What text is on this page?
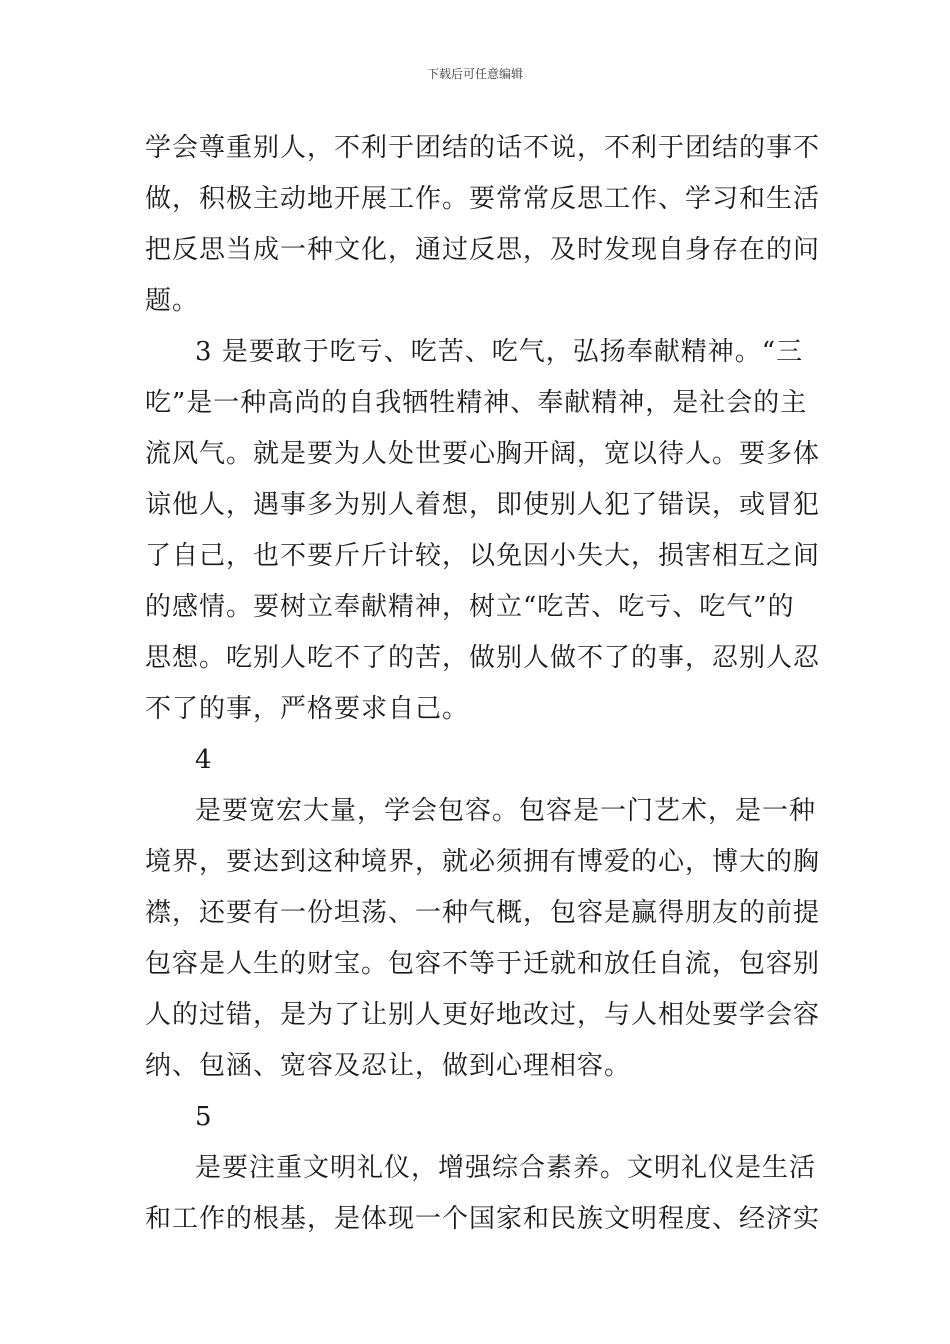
下载后可任意编辑
学会尊重别人，不利于团结的话不说，不利于团结的事不
做，积极主动地开展工作。要常常反思工作、学习和生活
把反思当成一种文化，通过反思，及时发现自身存在的问
题。
3 是要敢于吃亏、吃苦、吃气，弘扬奉献精神。“三
吃”是一种高尚的自我牺牲精神、奉献精神，是社会的主
流风气。就是要为人处世要心胸开阔，宽以待人。要多体
谅他人，遇事多为别人着想，即使别人犯了错误，或冒犯
了自己，也不要斤斤计较，以免因小失大，损害相互之间
的感情。要树立奉献精神，树立“吃苦、吃亏、吃气”的
思想。吃别人吃不了的苦，做别人做不了的事，忍别人忍
不了的事，严格要求自己。
4
是要宽宏大量，学会包容。包容是一门艺术，是一种
境界，要达到这种境界，就必须拥有博爱的心，博大的胸
襟，还要有一份坦荡、一种气概，包容是赢得朋友的前提
包容是人生的财宝。包容不等于迁就和放任自流，包容别
人的过错，是为了让别人更好地改过，与人相处要学会容
纳、包涵、宽容及忍让，做到心理相容。
5
是要注重文明礼仪，增强综合素养。文明礼仪是生活
和工作的根基，是体现一个国家和民族文明程度、经济实
